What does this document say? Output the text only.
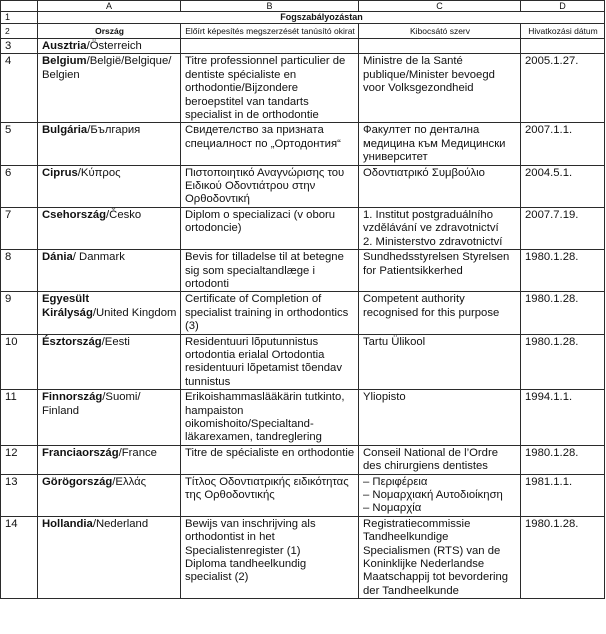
	A	B	C	D
1	Fogszabályozástan			
2	Ország	Előírt képesítés megszerzését tanúsító okirat	Kibocsátó szerv	Hivatkozási dátum
3	Ausztria/Österreich			
4	Belgium/België/Belgique/ Belgien	Titre professionnel particulier de dentiste spécialiste en orthodontie/Bijzondere beroepstitel van tandarts specialist in de orthodontie	Ministre de la Santé publique/Minister bevoegd voor Volksgezondheid	2005.1.27.
5	Bulgária/България	Свидетелство за призната специалност по „Ортодонтия“	Факултет по дентална медицина към Медицински университет	2007.1.1.
6	Ciprus/Κύπρος	Πιστοποιητικό Αναγνώρισης του Ειδικού Οδοντιάτρου στην Ορθοδοντική	Οδοντιατρικό Συμβούλιο	2004.5.1.
7	Csehország/Česko	Diplom o specializaci (v oboru ortodoncie)	1. Institut postgraduálního vzdělávání ve zdravotnictví
2. Ministerstvo zdravotnictví	2007.7.19.
8	Dánia/ Danmark	Bevis for tilladelse til at betegne sig som specialtandlæge i ortodonti	Sundhedsstyrelsen Styrelsen for Patientsikkerhed	1980.1.28.
9	Egyesült Királyság/United Kingdom	Certificate of Completion of specialist training in orthodontics (3)	Competent authority recognised for this purpose	1980.1.28.
10	Észtország/Eesti	Residentuuri lõputunnistus ortodontia erialal Ortodontia residentuuri lõpetamist tõendav tunnistus	Tartu Ülikool	1980.1.28.
11	Finnország/Suomi/ Finland	Erikoishammaslääkärin tutkinto, hampaiston oikomishoito/Specialtand-läkarexamen, tandreglering	Yliopisto	1994.1.1.
12	Franciaország/France	Titre de spécialiste en orthodontie	Conseil National de l’Ordre des chirurgiens dentistes	1980.1.28.
13	Görögország/Ελλάς	Τίτλος Οδοντιατρικής ειδικότητας της Ορθοδοντικής	– Περιφέρεια
– Νομαρχιακή Αυτοδιοίκηση
– Νομαρχία	1981.1.1.
14	Hollandia/Nederland	Bewijs van inschrijving als orthodontist in het Specialistenregister (1)
Diploma tandheelkundig specialist (2)	Registratiecommissie Tandheelkundige Specialismen (RTS) van de Koninklijke Nederlandse Maatschappij tot bevordering der Tandheelkunde	1980.1.28.
